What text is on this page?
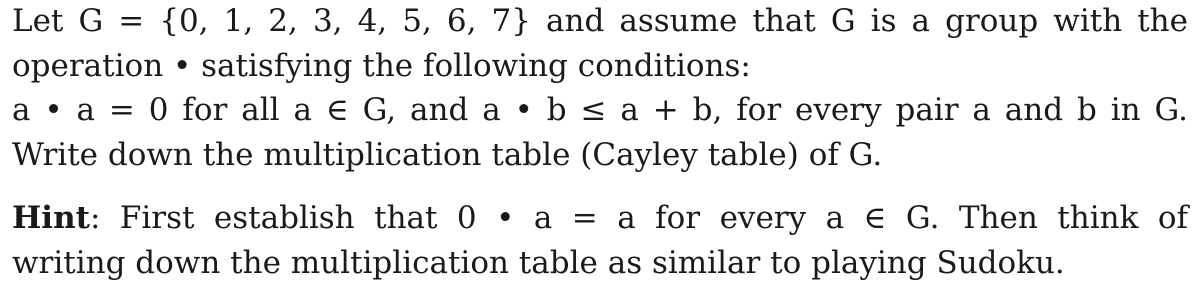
Let G = {0, 1, 2, 3, 4, 5, 6, 7} and assume that G is a group with the
operation • satisfying the following conditions:
a • a = 0 for all a ∈ G, and a • b ≤ a + b, for every pair a and b in G.
Write down the multiplication table (Cayley table) of G.
Hint: First establish that 0 • a = a for every a ∈ G. Then think of
writing down the multiplication table as similar to playing Sudoku.
